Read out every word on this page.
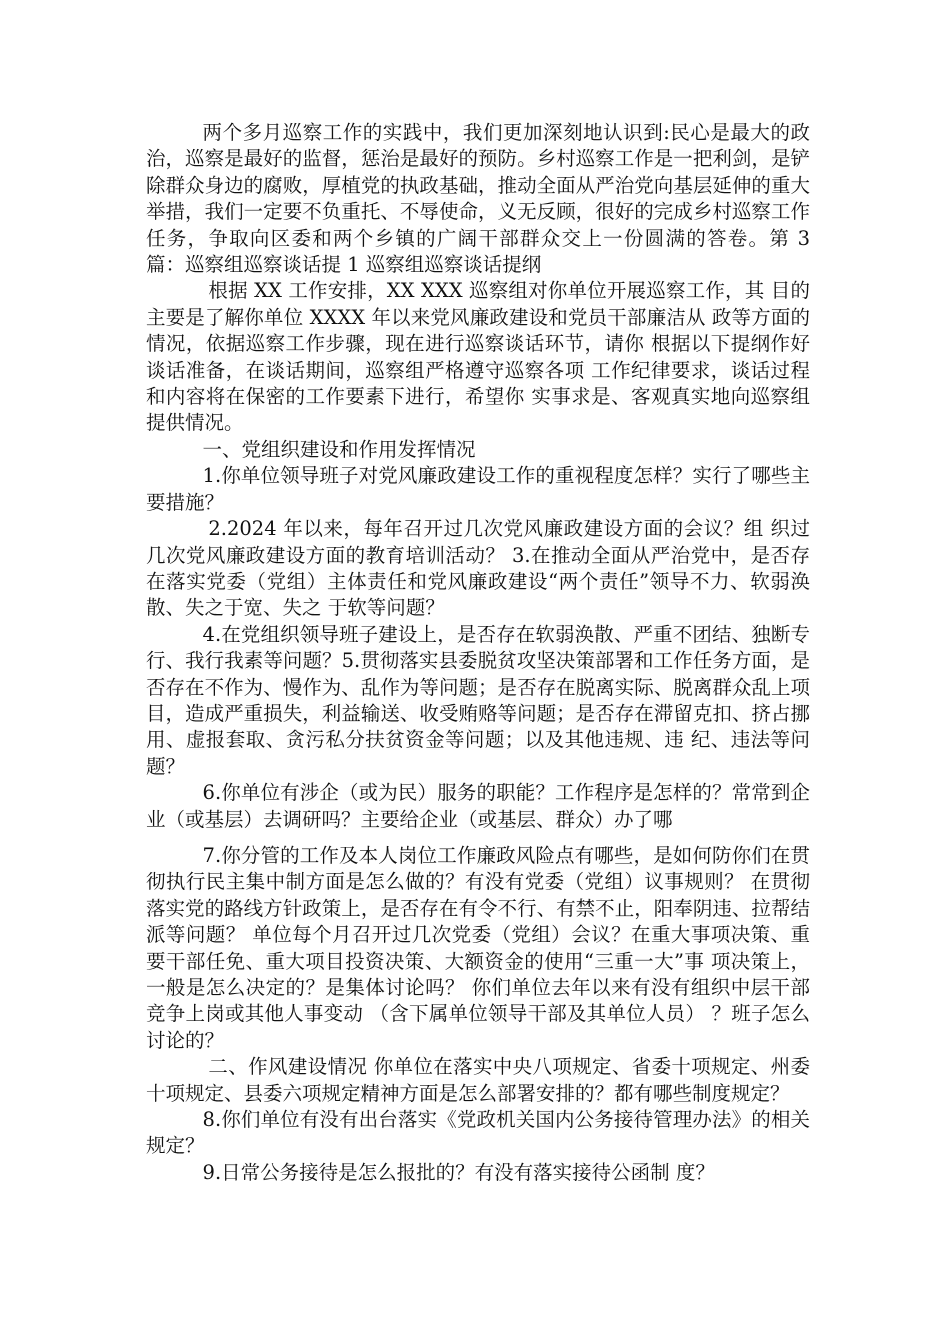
两个多月巡察工作的实践中，我们更加深刻地认识到:民心是最大的政治，巡察是最好的监督，惩治是最好的预防。乡村巡察工作是一把利剑，是铲除群众身边的腐败，厚植党的执政基础，推动全面从严治党向基层延伸的重大举措，我们一定要不负重托、不辱使命，义无反顾，很好的完成乡村巡察工作任务，争取向区委和两个乡镇的广阔干部群众交上一份圆满的答卷。第 3 篇：巡察组巡察谈话提 1 巡察组巡察谈话提纲

根据 XX 工作安排，XX XXX 巡察组对你单位开展巡察工作，其 目的主要是了解你单位 XXXX 年以来党风廉政建设和党员干部廉洁从 政等方面的情况，依据巡察工作步骤，现在进行巡察谈话环节，请你 根据以下提纲作好谈话准备，在谈话期间，巡察组严格遵守巡察各项 工作纪律要求，谈话过程和内容将在保密的工作要素下进行，希望你 实事求是、客观真实地向巡察组提供情况。

一、党组织建设和作用发挥情况

1.你单位领导班子对党风廉政建设工作的重视程度怎样？实行了哪些主要措施？

2.2024 年以来，每年召开过几次党风廉政建设方面的会议？组 织过几次党风廉政建设方面的教育培训活动？ 3.在推动全面从严治党中，是否存在落实党委（党组）主体责任和党风廉政建设“两个责任”领导不力、软弱涣散、失之于宽、失之 于软等问题？

4.在党组织领导班子建设上，是否存在软弱涣散、严重不团结、独断专行、我行我素等问题？5.贯彻落实县委脱贫攻坚决策部署和工作任务方面，是否存在不作为、慢作为、乱作为等问题；是否存在脱离实际、脱离群众乱上项目，造成严重损失，利益输送、收受贿赂等问题；是否存在滞留克扣、挤占挪用、虚报套取、贪污私分扶贫资金等问题；以及其他违规、违 纪、违法等问题？

6.你单位有涉企（或为民）服务的职能？工作程序是怎样的？常常到企业（或基层）去调研吗？主要给企业（或基层、群众）办了哪

7.你分管的工作及本人岗位工作廉政风险点有哪些，是如何防你们在贯彻执行民主集中制方面是怎么做的？有没有党委（党组）议事规则？ 在贯彻落实党的路线方针政策上，是否存在有令不行、有禁不止，阳奉阴违、拉帮结派等问题？ 单位每个月召开过几次党委（党组）会议？在重大事项决策、重要干部任免、重大项目投资决策、大额资金的使用“三重一大”事 项决策上，一般是怎么决定的？是集体讨论吗？ 你们单位去年以来有没有组织中层干部竞争上岗或其他人事变动 （含下属单位领导干部及其单位人员） ？班子怎么讨论的？

二、作风建设情况 你单位在落实中央八项规定、省委十项规定、州委十项规定、县委六项规定精神方面是怎么部署安排的？都有哪些制度规定？

8.你们单位有没有出台落实《党政机关国内公务接待管理办法》的相关规定？

9.日常公务接待是怎么报批的？有没有落实接待公函制 度？
